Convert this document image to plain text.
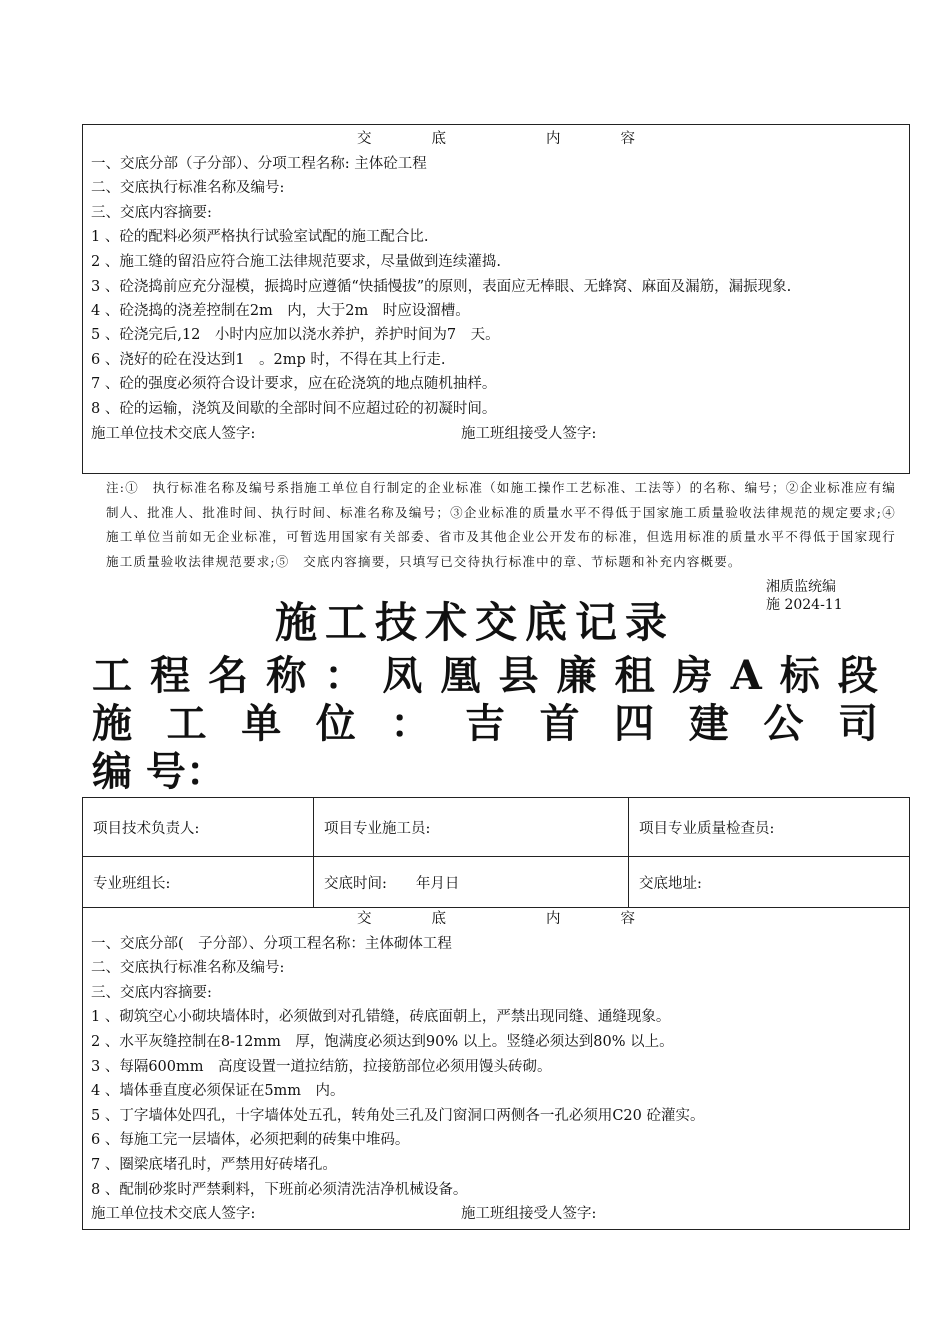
交	底	内	容
一、交底分部（子分部）、分项工程名称: 主体砼工程
二、交底执行标准名称及编号:
三、交底内容摘要:
1 、砼的配料必须严格执行试验室试配的施工配合比.
2 、施工缝的留沿应符合施工法律规范要求，尽量做到连续灌捣.
3 、砼浇捣前应充分湿模，振捣时应遵循“快插慢拔”的原则，表面应无棒眼、无蜂窝、麻面及漏筋，漏振现象.
4 、砼浇捣的浇差控制在2m　内，大于2m　时应设溜槽。
5 、砼浇完后,12　小时内应加以浇水养护，养护时间为7　天。
6 、浇好的砼在没达到1　。2mp 时，不得在其上行走.
7 、砼的强度必须符合设计要求，应在砼浇筑的地点随机抽样。
8 、砼的运输，浇筑及间歇的全部时间不应超过砼的初凝时间。
施工单位技术交底人签字:	施工班组接受人签字:
注:①　执行标准名称及编号系指施工单位自行制定的企业标准（如施工操作工艺标准、工法等）的名称、编号；②企业标准应有编制人、批准人、批准时间、执行时间、标准名称及编号；③企业标准的质量水平不得低于国家施工质量验收法律规范的规定要求;④　施工单位当前如无企业标准，可暂选用国家有关部委、省市及其他企业公开发布的标准，但选用标准的质量水平不得低于国家现行施工质量验收法律规范要求;⑤　交底内容摘要，只填写已交待执行标准中的章、节标题和补充内容概要。
湘质监统编
施 2024-11
施工技术交底记录
工 程 名 称 ： 凤 凰 县 廉 租 房 A 标 段
施 工 单 位 ： 吉 首 四 建 公 司
编 号：
项目技术负责人:	项目专业施工员:	项目专业质量检查员:
专业班组长:	交底时间:　　年月日	交底地址:
交	底	内	容
一、交底分部(　子分部）、分项工程名称：主体砌体工程
二、交底执行标准名称及编号:
三、交底内容摘要:
1 、砌筑空心小砌块墙体时，必须做到对孔错缝，砖底面朝上，严禁出现同缝、通缝现象。
2 、水平灰缝控制在8-12mm　厚，饱满度必须达到90% 以上。竖缝必须达到80% 以上。
3 、每隔600mm　高度设置一道拉结筋，拉接筋部位必须用馒头砖砌。
4 、墙体垂直度必须保证在5mm　内。
5 、丁字墙体处四孔，十字墙体处五孔，转角处三孔及门窗洞口两侧各一孔必须用C20 砼灌实。
6 、每施工完一层墙体，必须把剩的砖集中堆码。
7 、圈梁底堵孔时，严禁用好砖堵孔。
8 、配制砂浆时严禁剩料，下班前必须清洗洁净机械设备。
施工单位技术交底人签字:	施工班组接受人签字:
